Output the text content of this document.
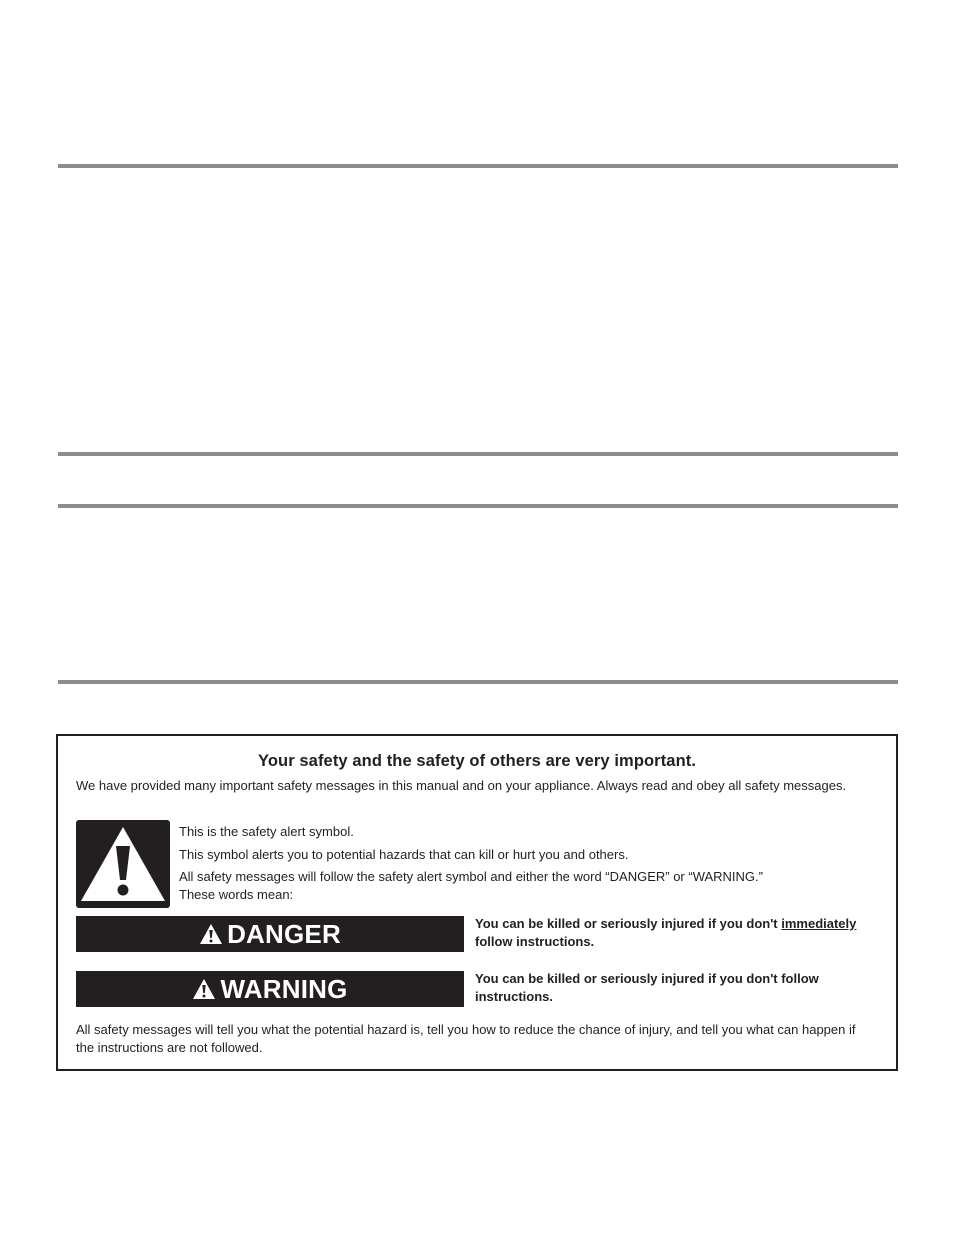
Your safety and the safety of others are very important.
We have provided many important safety messages in this manual and on your appliance. Always read and obey all safety messages.
This is the safety alert symbol.
This symbol alerts you to potential hazards that can kill or hurt you and others.
All safety messages will follow the safety alert symbol and either the word “DANGER” or “WARNING.”
These words mean:
DANGER	You can be killed or seriously injured if you don't immediately follow instructions.
WARNING	You can be killed or seriously injured if you don't follow instructions.
All safety messages will tell you what the potential hazard is, tell you how to reduce the chance of injury, and tell you what can happen if the instructions are not followed.
